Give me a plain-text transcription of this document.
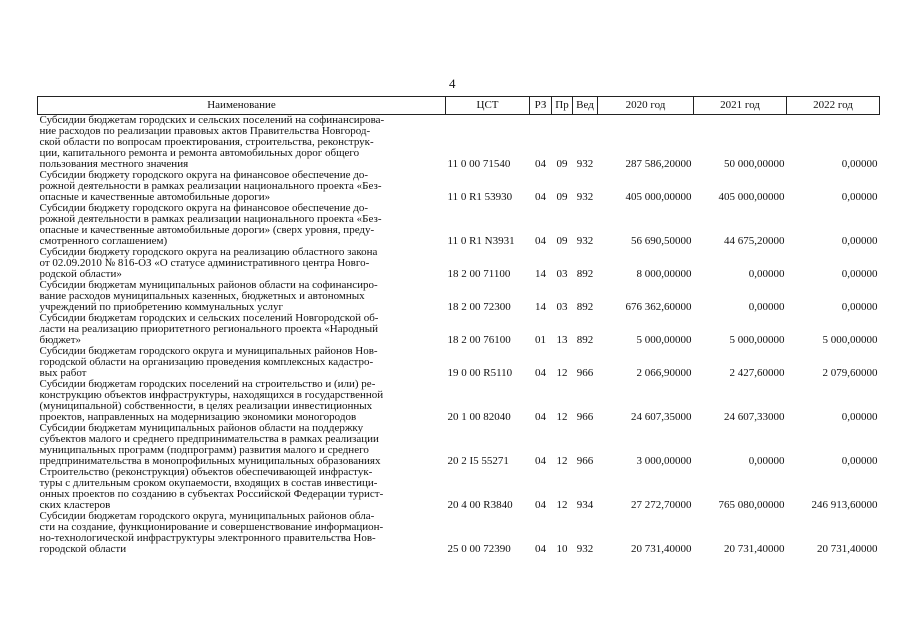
4
Наименование	ЦСТ	РЗ	Пр	Вед	2020 год	2021 год	2022 год

Субсидии бюджетам городских и сельских поселений на софинансирова-
ние расходов по реализации правовых актов Правительства Новгород-
ской области по вопросам проектирования, строительства, реконструк-
ции, капитального ремонта и ремонта автомобильных дорог общего
пользования местного значения	11 0 00 71540	04	09	932	287 586,20000	50 000,00000	0,00000

Субсидии бюджету городского округа на финансовое обеспечение до-
рожной деятельности в рамках реализации национального проекта «Без-
опасные и качественные автомобильные дороги»	11 0 R1 53930	04	09	932	405 000,00000	405 000,00000	0,00000

Субсидии бюджету городского округа на финансовое обеспечение до-
рожной деятельности в рамках реализации национального проекта «Без-
опасные и качественные автомобильные дороги» (сверх уровня, преду-
смотренного соглашением)	11 0 R1 N3931	04	09	932	56 690,50000	44 675,20000	0,00000

Субсидии бюджету городского округа на реализацию областного закона
от 02.09.2010 № 816-ОЗ «О статусе административного центра Новго-
родской области»	18 2 00 71100	14	03	892	8 000,00000	0,00000	0,00000

Субсидии бюджетам муниципальных районов области на софинансиро-
вание расходов муниципальных казенных, бюджетных и автономных
учреждений по приобретению коммунальных услуг	18 2 00 72300	14	03	892	676 362,60000	0,00000	0,00000

Субсидии бюджетам городских и сельских поселений Новгородской об-
ласти на реализацию приоритетного регионального проекта «Народный
бюджет»	18 2 00 76100	01	13	892	5 000,00000	5 000,00000	5 000,00000

Субсидии бюджетам городского округа и муниципальных районов Нов-
городской области на организацию проведения комплексных кадастро-
вых работ	19 0 00 R5110	04	12	966	2 066,90000	2 427,60000	2 079,60000

Субсидии бюджетам городских поселений на строительство и (или) ре-
конструкцию объектов инфраструктуры, находящихся в государственной
(муниципальной) собственности, в целях реализации инвестиционных
проектов, направленных на модернизацию экономики моногородов	20 1 00 82040	04	12	966	24 607,35000	24 607,33000	0,00000

Субсидии бюджетам муниципальных районов области на поддержку
субъектов малого и среднего предпринимательства в рамках реализации
муниципальных программ (подпрограмм) развития малого и среднего
предпринимательства в монопрофильных муниципальных образованиях	20 2 I5 55271	04	12	966	3 000,00000	0,00000	0,00000

Строительство (реконструкция) объектов обеспечивающей инфрастук-
туры с длительным сроком окупаемости, входящих в состав инвестици-
онных проектов по созданию в субъектах Российской Федерации турист-
ских кластеров	20 4 00 R3840	04	12	934	27 272,70000	765 080,00000	246 913,60000

Субсидии бюджетам городского округа, муниципальных районов обла-
сти на создание, функционирование и совершенствование информацион-
но-технологической инфраструктуры электронного правительства Нов-
городской области	25 0 00 72390	04	10	932	20 731,40000	20 731,40000	20 731,40000
